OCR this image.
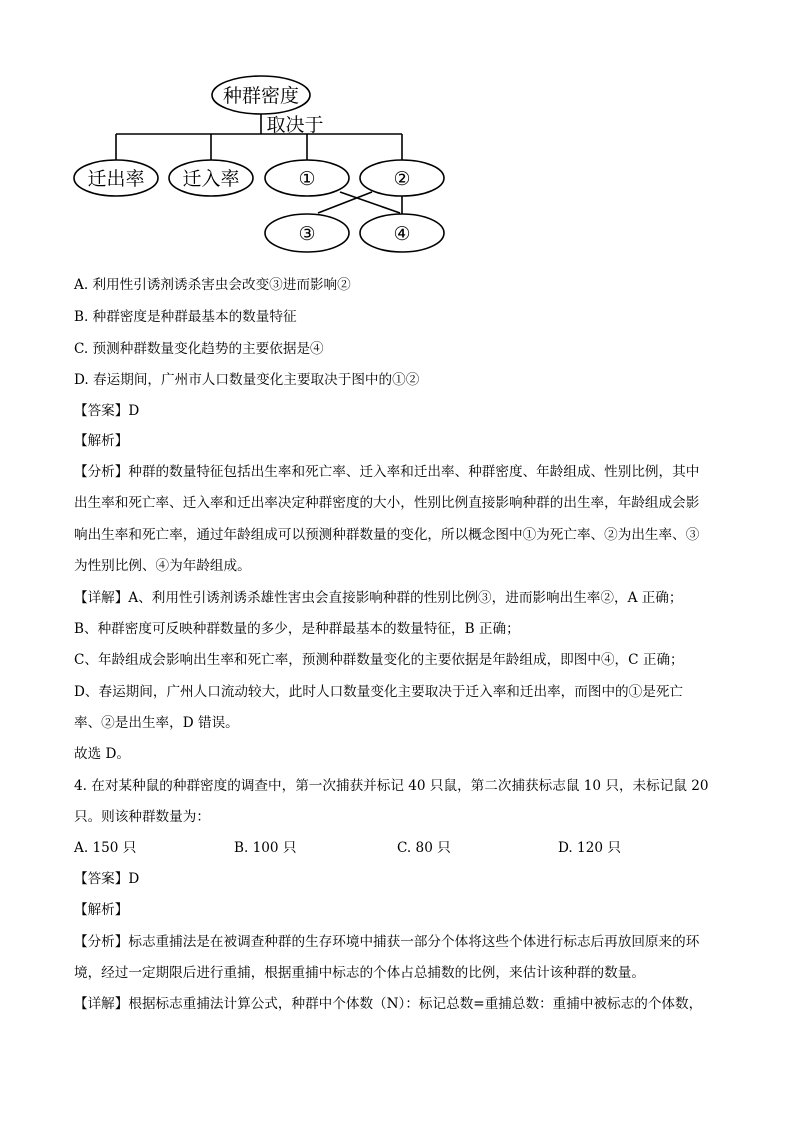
种群密度
取决于
迁出率 迁入率	①	②
③	④
A. 利用性引诱剂诱杀害虫会改变③进而影响②
B. 种群密度是种群最基本的数量特征
C. 预测种群数量变化趋势的主要依据是④
D. 春运期间，广州市人口数量变化主要取决于图中的①②
【答案】D
【解析】
【分析】种群的数量特征包括出生率和死亡率、迁入率和迁出率、种群密度、年龄组成、性别比例，其中
出生率和死亡率、迁入率和迁出率决定种群密度的大小，性别比例直接影响种群的出生率，年龄组成会影
响出生率和死亡率，通过年龄组成可以预测种群数量的变化，所以概念图中①为死亡率、②为出生率、③
为性别比例、④为年龄组成。
【详解】A、利用性引诱剂诱杀雄性害虫会直接影响种群的性别比例③，进而影响出生率②，A 正确；
B、种群密度可反映种群数量的多少，是种群最基本的数量特征，B 正确；
C、年龄组成会影响出生率和死亡率，预测种群数量变化的主要依据是年龄组成，即图中④，C 正确；
D、春运期间，广州人口流动较大，此时人口数量变化主要取决于迁入率和迁出率，而图中的①是死亡
率、②是出生率，D 错误。
故选 D。
4. 在对某种鼠的种群密度的调查中，第一次捕获并标记 40 只鼠，第二次捕获标志鼠 10 只，未标记鼠 20
只。则该种群数量为：
A. 150 只	B. 100 只	C. 80 只	D. 120 只
【答案】D
【解析】
【分析】标志重捕法是在被调查种群的生存环境中捕获一部分个体将这些个体进行标志后再放回原来的环
境，经过一定期限后进行重捕，根据重捕中标志的个体占总捕数的比例，来估计该种群的数量。
【详解】根据标志重捕法计算公式，种群中个体数（N）：标记总数=重捕总数：重捕中被标志的个体数，
